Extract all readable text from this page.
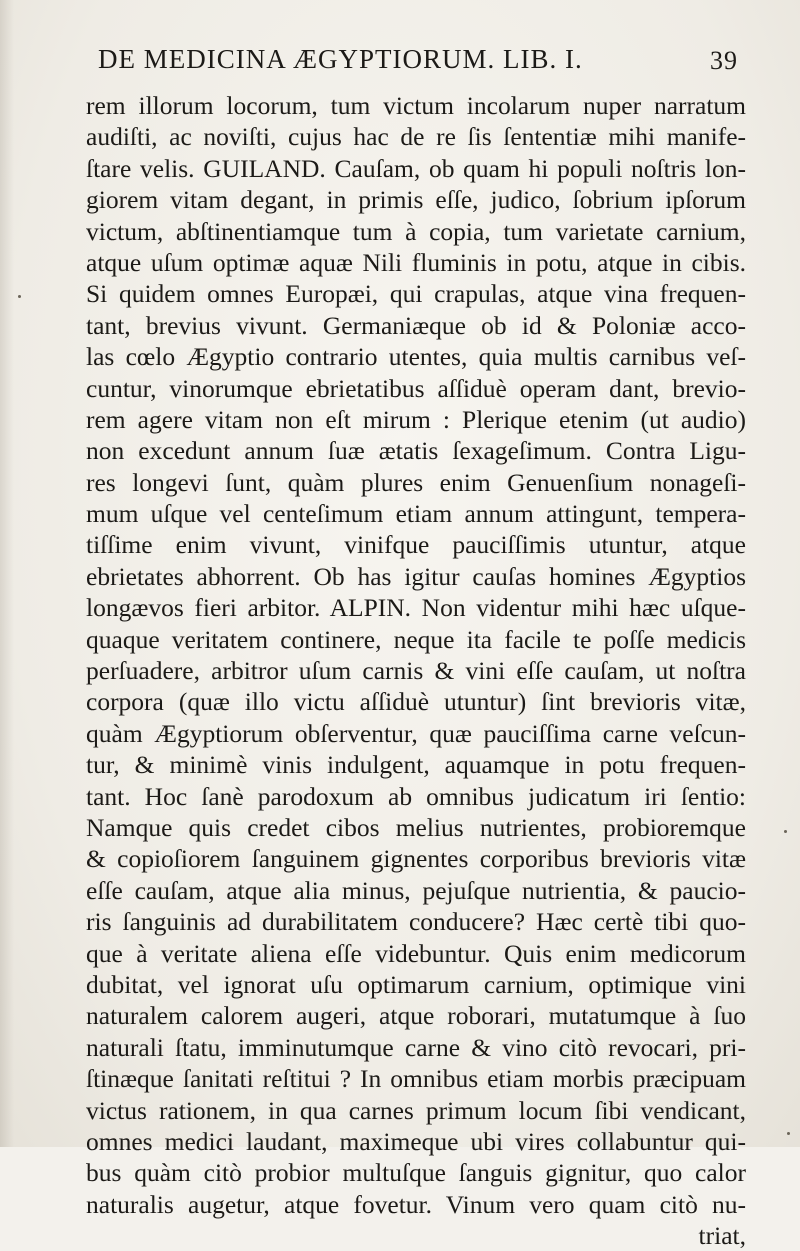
DE MEDICINA ÆGYPTIORUM. LIB. I.	39
rem illorum locorum, tum victum incolarum nuper narratum
audiſti, ac noviſti, cujus hac de re ſis ſententiæ mihi manife-
ſtare velis. GUILAND. Cauſam, ob quam hi populi noſtris lon-
giorem vitam degant, in primis eſſe, judico, ſobrium ipſorum
victum, abſtinentiamque tum à copia, tum varietate carnium,
atque uſum optimæ aquæ Nili fluminis in potu, atque in cibis.
Si quidem omnes Europæi, qui crapulas, atque vina frequen-
tant, brevius vivunt. Germaniæque ob id & Poloniæ acco-
las cœlo Ægyptio contrario utentes, quia multis carnibus veſ-
cuntur, vinorumque ebrietatibus aſſiduè operam dant, brevio-
rem agere vitam non eſt mirum : Plerique etenim (ut audio)
non excedunt annum ſuæ ætatis ſexageſimum. Contra Ligu-
res longevi ſunt, quàm plures enim Genuenſium nonageſi-
mum uſque vel centeſimum etiam annum attingunt, tempera-
tiſſime enim vivunt, vinifque pauciſſimis utuntur, atque
ebrietates abhorrent. Ob has igitur cauſas homines Ægyptios
longævos fieri arbitor. ALPIN. Non videntur mihi hæc uſque-
quaque veritatem continere, neque ita facile te poſſe medicis
perſuadere, arbitror uſum carnis & vini eſſe cauſam, ut noſtra
corpora (quæ illo victu aſſiduè utuntur) ſint brevioris vitæ,
quàm Ægyptiorum obſerventur, quæ pauciſſima carne veſcun-
tur, & minimè vinis indulgent, aquamque in potu frequen-
tant. Hoc ſanè parodoxum ab omnibus judicatum iri ſentio:
Namque quis credet cibos melius nutrientes, probioremque
& copioſiorem ſanguinem gignentes corporibus brevioris vitæ
eſſe cauſam, atque alia minus, pejuſque nutrientia, & paucio-
ris ſanguinis ad durabilitatem conducere? Hæc certè tibi quo-
que à veritate aliena eſſe videbuntur. Quis enim medicorum
dubitat, vel ignorat uſu optimarum carnium, optimique vini
naturalem calorem augeri, atque roborari, mutatumque à ſuo
naturali ſtatu, imminutumque carne & vino citò revocari, pri-
ſtinæque ſanitati reſtitui ? In omnibus etiam morbis præcipuam
victus rationem, in qua carnes primum locum ſibi vendicant,
omnes medici laudant, maximeque ubi vires collabuntur qui-
bus quàm citò probior multuſque ſanguis gignitur, quo calor
naturalis augetur, atque fovetur. Vinum vero quam citò nu-
triat,
